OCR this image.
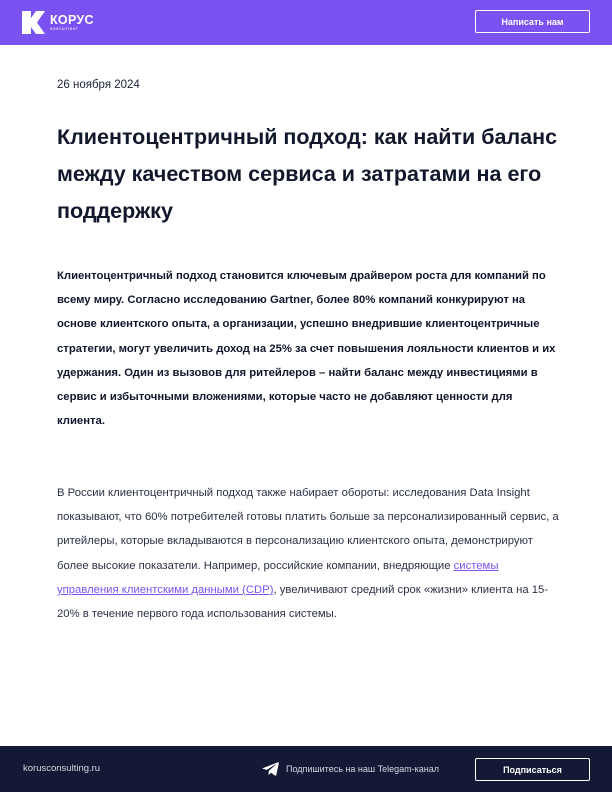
КОРУС
КОНСАЛТИНГ
Написать нам
26 ноября 2024
Клиентоцентричный подход: как найти баланс между качеством сервиса и затратами на его поддержку

Клиентоцентричный подход становится ключевым драйвером роста для компаний по всему миру. Согласно исследованию Gartner, более 80% компаний конкурируют на основе клиентского опыта, а организации, успешно внедрившие клиентоцентричные стратегии, могут увеличить доход на 25% за счет повышения лояльности клиентов и их удержания. Один из вызовов для ритейлеров – найти баланс между инвестициями в сервис и избыточными вложениями, которые часто не добавляют ценности для клиента.

В России клиентоцентричный подход также набирает обороты: исследования Data Insight показывают, что 60% потребителей готовы платить больше за персонализированный сервис, а ритейлеры, которые вкладываются в персонализацию клиентского опыта, демонстрируют более высокие показатели. Например, российские компании, внедряющие системы управления клиентскими данными (CDP), увеличивают средний срок «жизни» клиента на 15-20% в течение первого года использования системы.

korusconsulting.ru	Подпишитесь на наш Telegam-канал	Подписаться
